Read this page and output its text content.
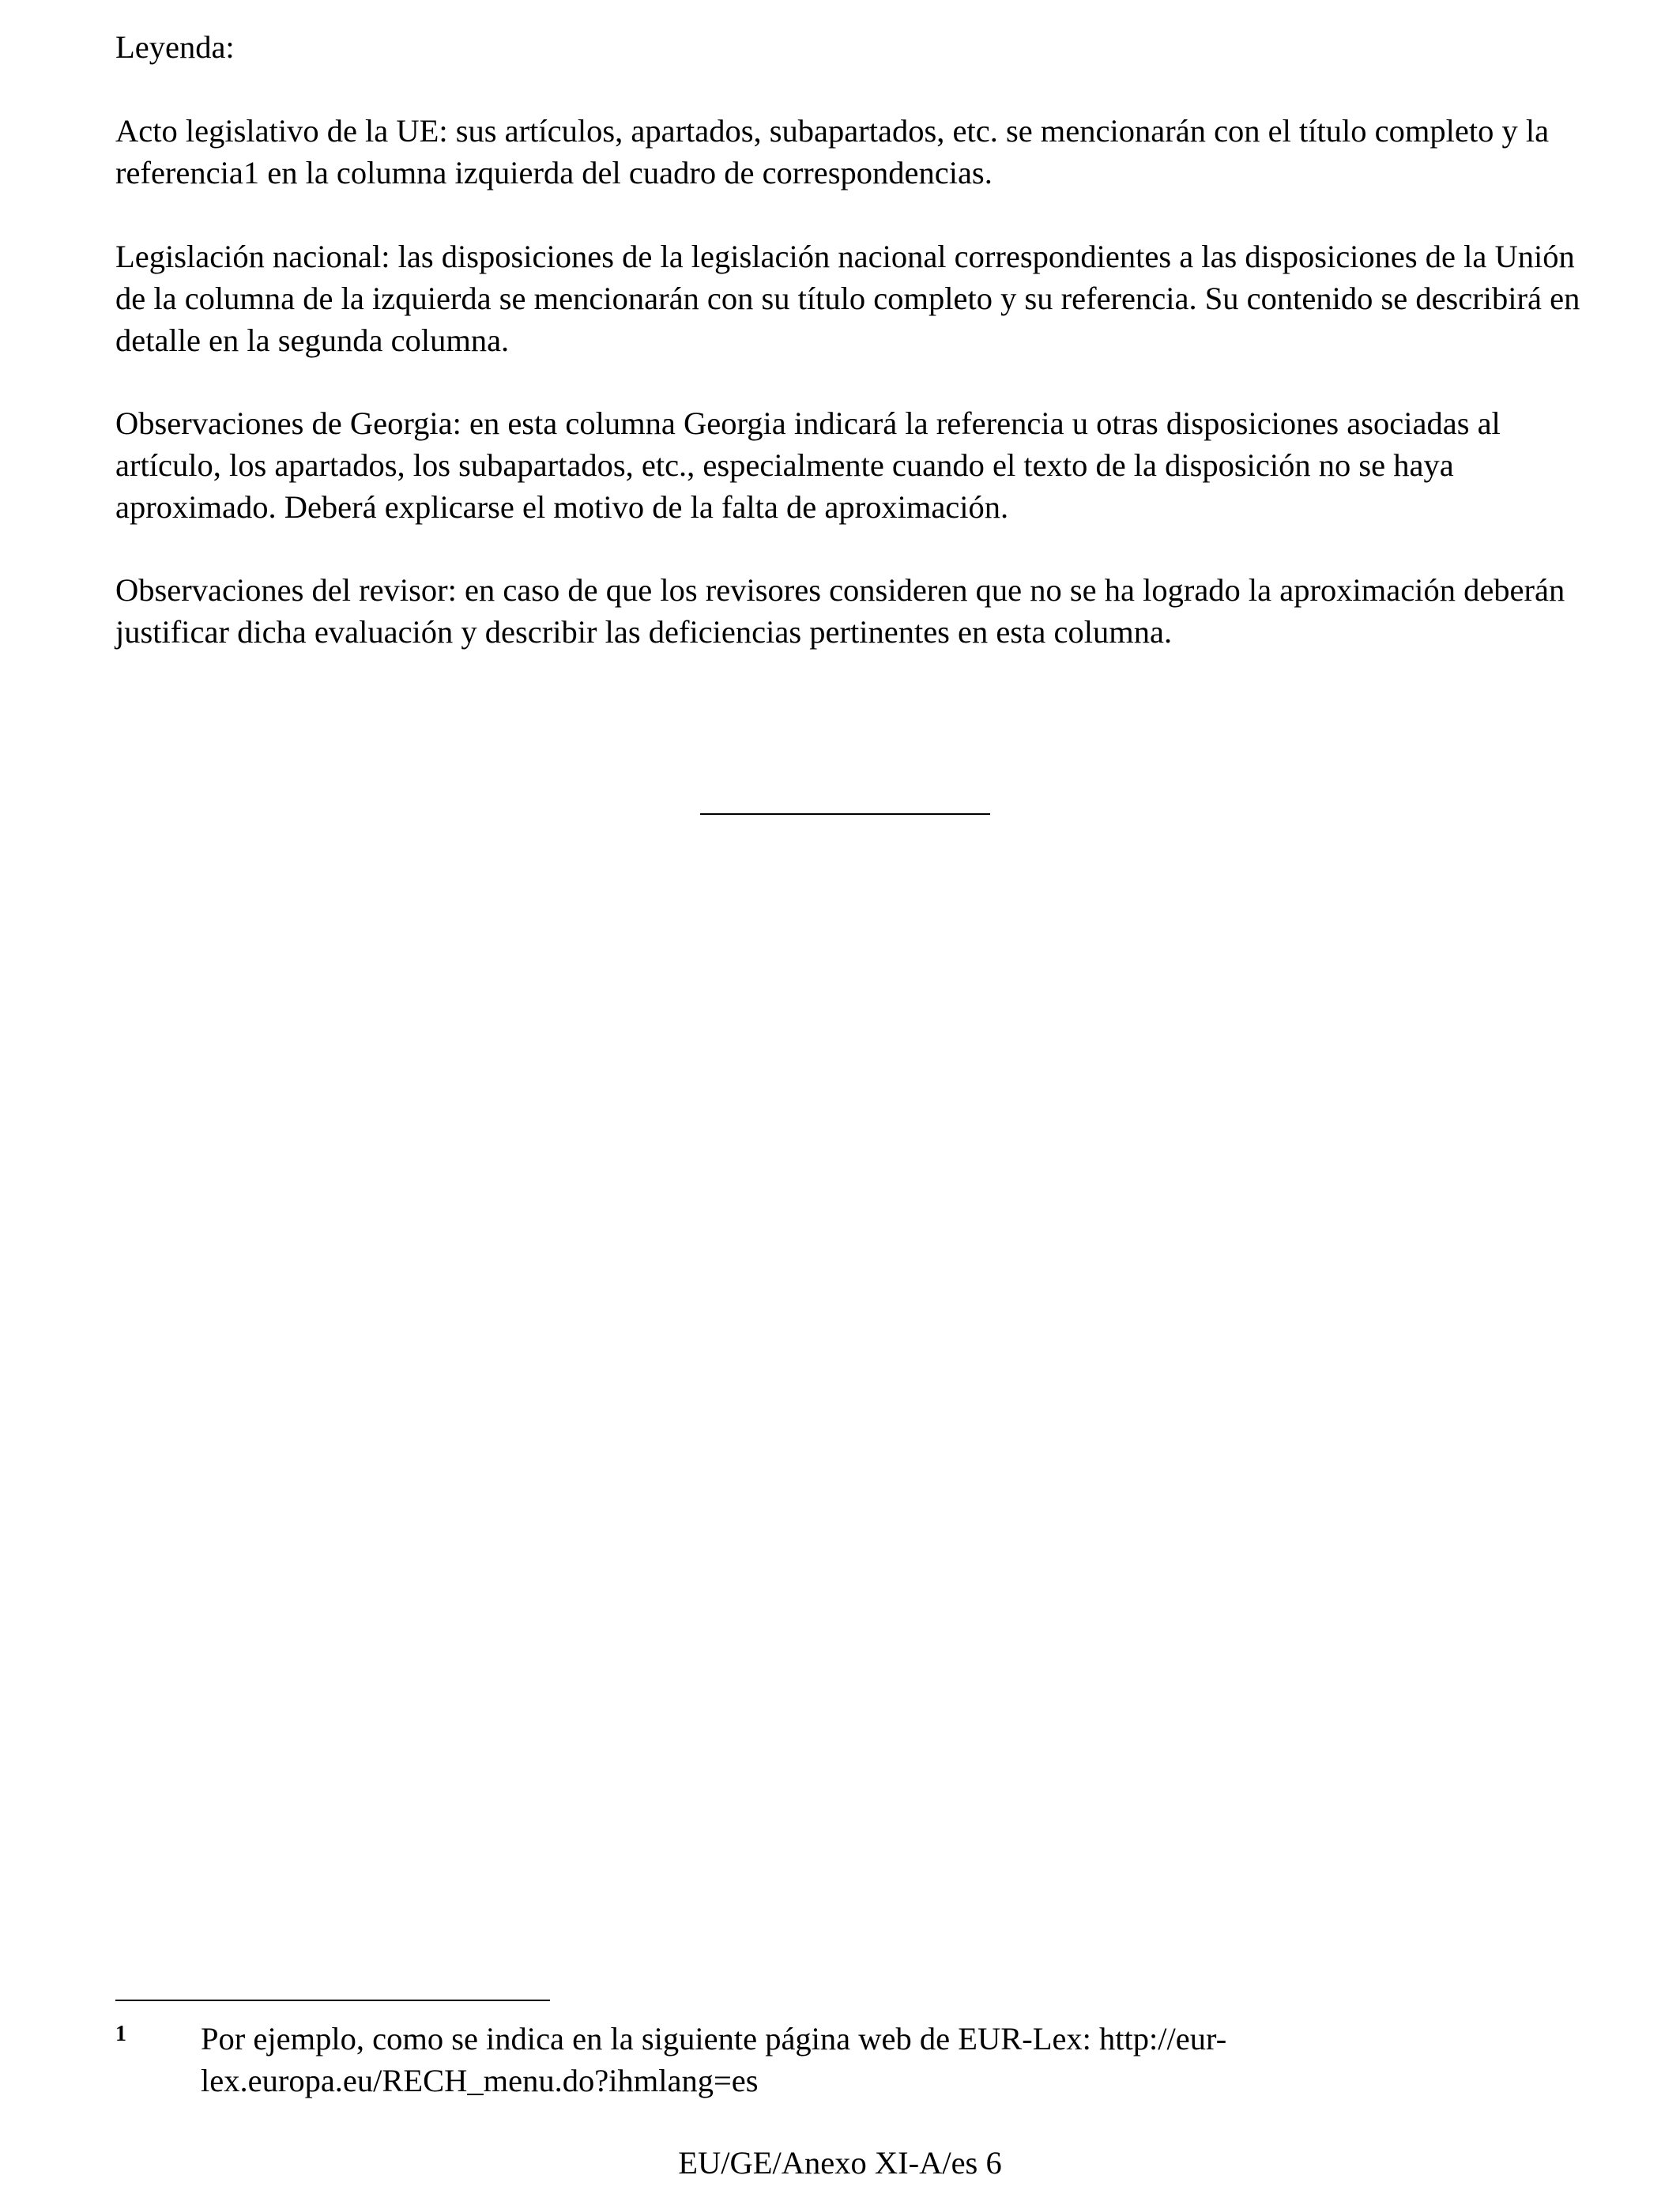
Leyenda:

Acto legislativo de la UE: sus artículos, apartados, subapartados, etc. se mencionarán con el título completo y la referencia1 en la columna izquierda del cuadro de correspondencias.

Legislación nacional: las disposiciones de la legislación nacional correspondientes a las disposiciones de la Unión de la columna de la izquierda se mencionarán con su título completo y su referencia. Su contenido se describirá en detalle en la segunda columna.

Observaciones de Georgia: en esta columna Georgia indicará la referencia u otras disposiciones asociadas al artículo, los apartados, los subapartados, etc., especialmente cuando el texto de la disposición no se haya aproximado. Deberá explicarse el motivo de la falta de aproximación.

Observaciones del revisor: en caso de que los revisores consideren que no se ha logrado la aproximación deberán justificar dicha evaluación y describir las deficiencias pertinentes en esta columna.

1 Por ejemplo, como se indica en la siguiente página web de EUR-Lex: http://eur-lex.europa.eu/RECH_menu.do?ihmlang=es
EU/GE/Anexo XI-A/es 6
